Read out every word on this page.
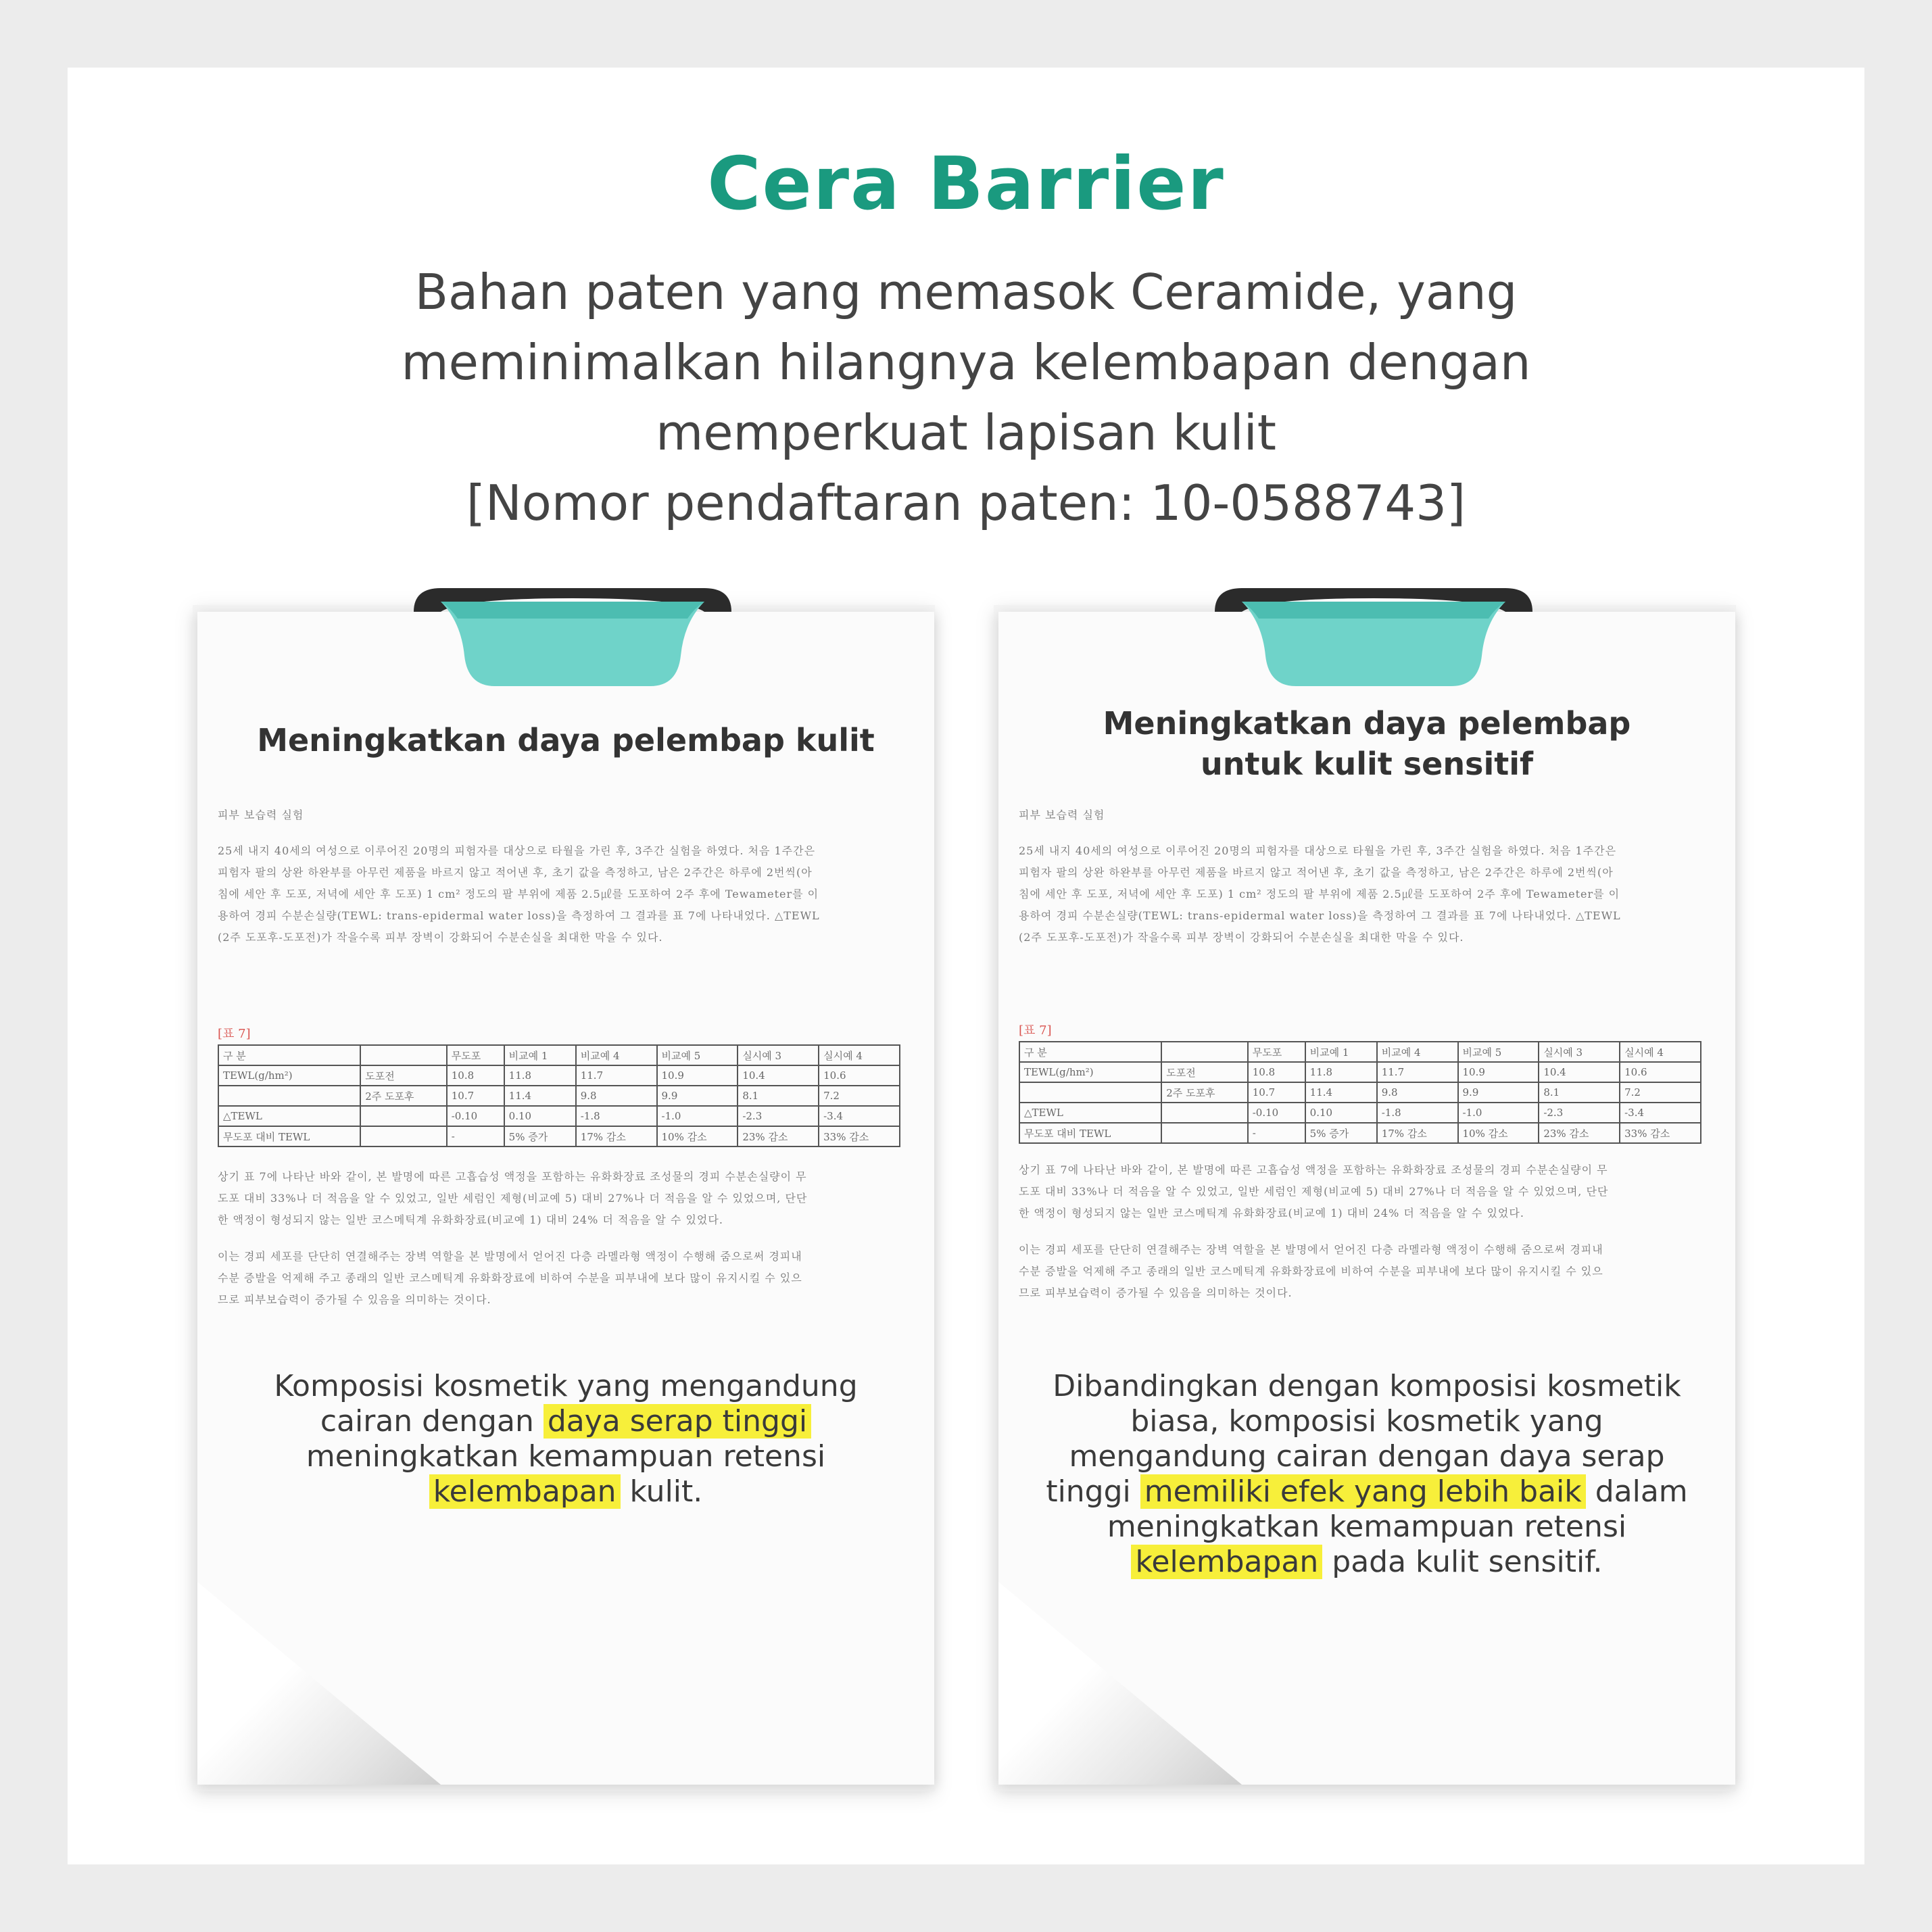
Cera Barrier
Bahan paten yang memasok Ceramide, yang
meminimalkan hilangnya kelembapan dengan
memperkuat lapisan kulit
[Nomor pendaftaran paten: 10-0588743]
Meningkatkan daya pelembap kulit
피부 보습력 실험
25세 내지 40세의 여성으로 이루어진 20명의 피험자를 대상으로 타월을 가린 후, 3주간 실험을 하였다. 처음 1주간은
피험자 팔의 상완 하완부를 아무런 제품을 바르지 않고 적어낸 후, 초기 값을 측정하고, 남은 2주간은 하루에 2번씩(아
침에 세안 후 도포, 저녁에 세안 후 도포) 1 cm² 정도의 팔 부위에 제품 2.5㎕를 도포하여 2주 후에 Tewameter를 이
용하여 경피 수분손실량(TEWL: trans-epidermal water loss)을 측정하여 그 결과를 표 7에 나타내었다. △TEWL
(2주 도포후-도포전)가 작을수록 피부 장벽이 강화되어 수분손실을 최대한 막을 수 있다.
[표 7]
구 분		무도포	비교예 1	비교예 4	비교예 5	실시예 3	실시예 4
TEWL(g/hm²)	도포전	10.8	11.8	11.7	10.9	10.4	10.6
	2주 도포후	10.7	11.4	9.8	9.9	8.1	7.2
△TEWL		-0.10	0.10	-1.8	-1.0	-2.3	-3.4
무도포 대비 TEWL		-	5% 증가	17% 감소	10% 감소	23% 감소	33% 감소
상기 표 7에 나타난 바와 같이, 본 발명에 따른 고흡습성 액정을 포함하는 유화화장료 조성물의 경피 수분손실량이 무
도포 대비 33%나 더 적음을 알 수 있었고, 일반 세럼인 제형(비교예 5) 대비 27%나 더 적음을 알 수 있었으며, 단단
한 액정이 형성되지 않는 일반 코스메틱계 유화화장료(비교예 1) 대비 24% 더 적음을 알 수 있었다.
이는 경피 세포를 단단히 연결해주는 장벽 역할을 본 발명에서 얻어진 다층 라멜라형 액정이 수행해 줌으로써 경피내
수분 증발을 억제해 주고 종래의 일반 코스메틱계 유화화장료에 비하여 수분을 피부내에 보다 많이 유지시킬 수 있으
므로 피부보습력이 증가될 수 있음을 의미하는 것이다.
Komposisi kosmetik yang mengandung
cairan dengan daya serap tinggi
meningkatkan kemampuan retensi
kelembapan kulit.
Meningkatkan daya pelembap
untuk kulit sensitif
피부 보습력 실험
25세 내지 40세의 여성으로 이루어진 20명의 피험자를 대상으로 타월을 가린 후, 3주간 실험을 하였다. 처음 1주간은
피험자 팔의 상완 하완부를 아무런 제품을 바르지 않고 적어낸 후, 초기 값을 측정하고, 남은 2주간은 하루에 2번씩(아
침에 세안 후 도포, 저녁에 세안 후 도포) 1 cm² 정도의 팔 부위에 제품 2.5㎕를 도포하여 2주 후에 Tewameter를 이
용하여 경피 수분손실량(TEWL: trans-epidermal water loss)을 측정하여 그 결과를 표 7에 나타내었다. △TEWL
(2주 도포후-도포전)가 작을수록 피부 장벽이 강화되어 수분손실을 최대한 막을 수 있다.
[표 7]
구 분		무도포	비교예 1	비교예 4	비교예 5	실시예 3	실시예 4
TEWL(g/hm²)	도포전	10.8	11.8	11.7	10.9	10.4	10.6
	2주 도포후	10.7	11.4	9.8	9.9	8.1	7.2
△TEWL		-0.10	0.10	-1.8	-1.0	-2.3	-3.4
무도포 대비 TEWL		-	5% 증가	17% 감소	10% 감소	23% 감소	33% 감소
상기 표 7에 나타난 바와 같이, 본 발명에 따른 고흡습성 액정을 포함하는 유화화장료 조성물의 경피 수분손실량이 무
도포 대비 33%나 더 적음을 알 수 있었고, 일반 세럼인 제형(비교예 5) 대비 27%나 더 적음을 알 수 있었으며, 단단
한 액정이 형성되지 않는 일반 코스메틱계 유화화장료(비교예 1) 대비 24% 더 적음을 알 수 있었다.
이는 경피 세포를 단단히 연결해주는 장벽 역할을 본 발명에서 얻어진 다층 라멜라형 액정이 수행해 줌으로써 경피내
수분 증발을 억제해 주고 종래의 일반 코스메틱계 유화화장료에 비하여 수분을 피부내에 보다 많이 유지시킬 수 있으
므로 피부보습력이 증가될 수 있음을 의미하는 것이다.
Dibandingkan dengan komposisi kosmetik
biasa, komposisi kosmetik yang
mengandung cairan dengan daya serap
tinggi memiliki efek yang lebih baik dalam
meningkatkan kemampuan retensi
kelembapan pada kulit sensitif.
